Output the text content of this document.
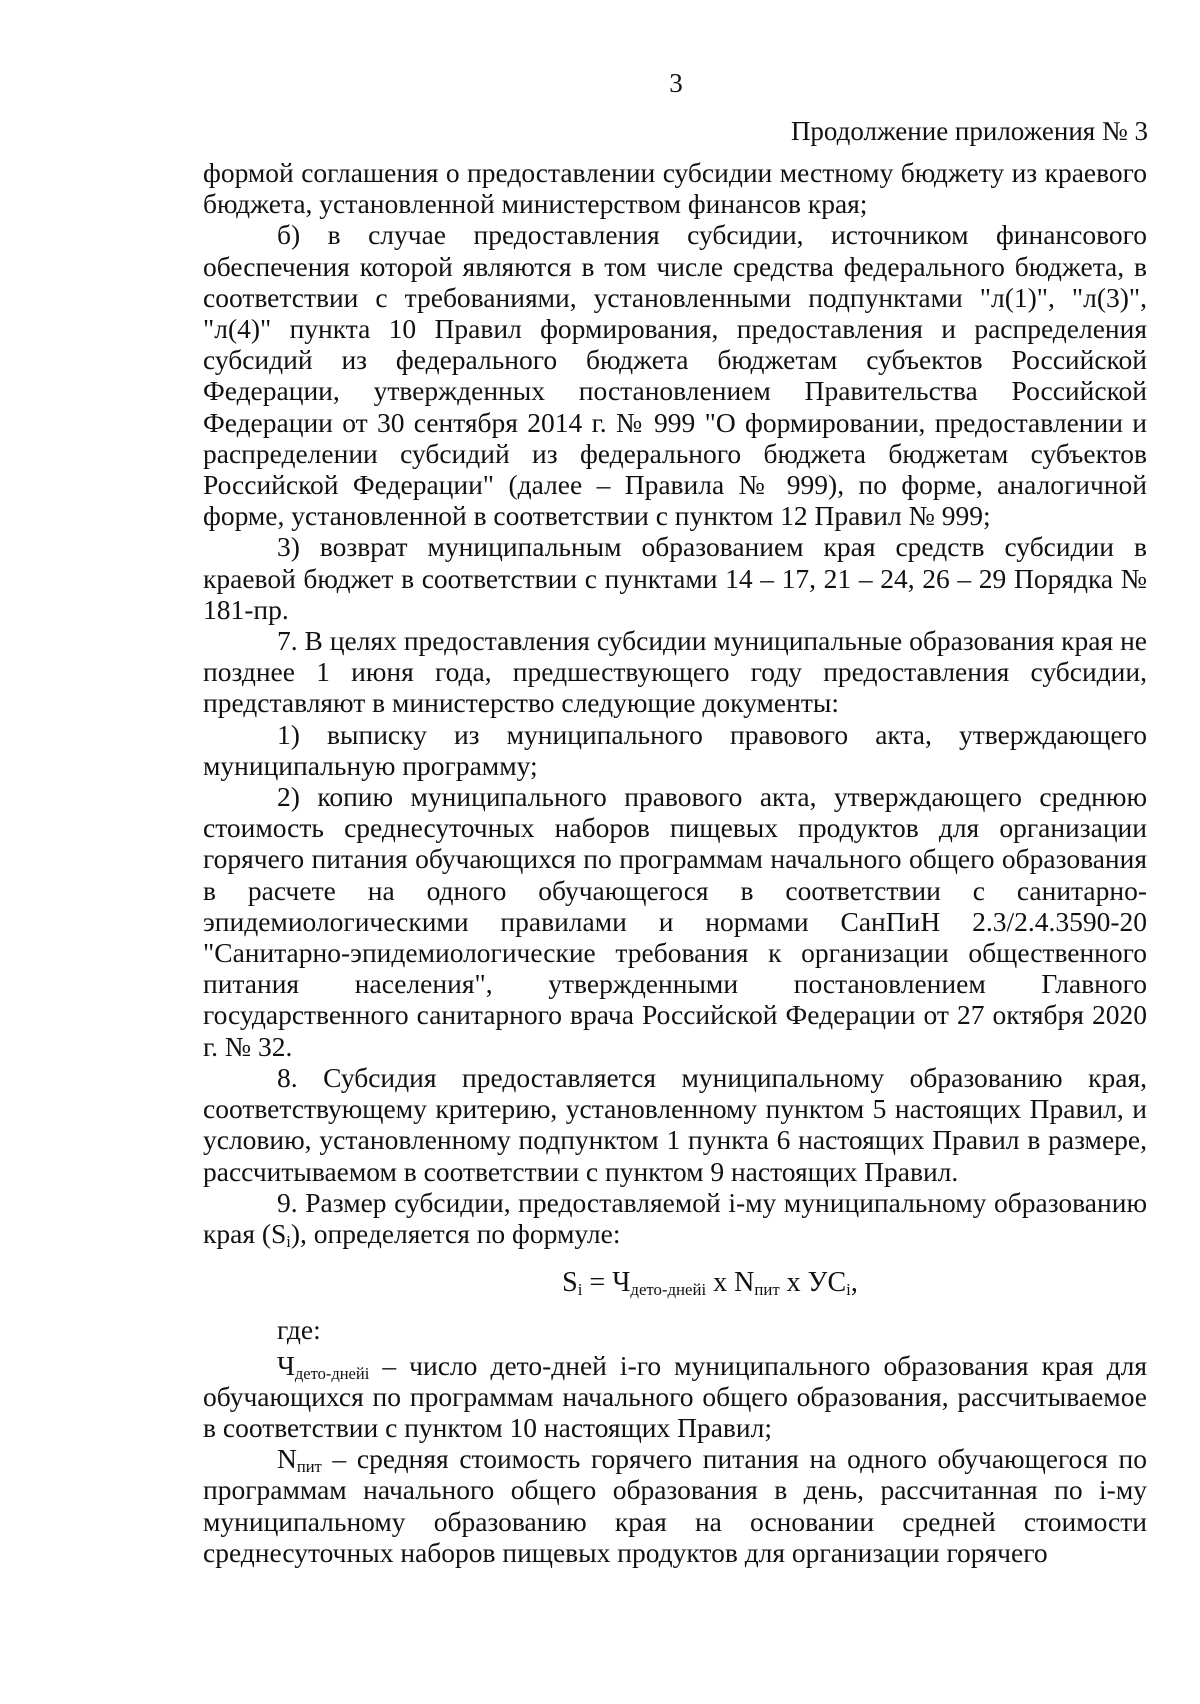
3
Продолжение приложения № 3

формой соглашения о предоставлении субсидии местному бюджету из краевого бюджета, установленной министерством финансов края;

б) в случае предоставления субсидии, источником финансового обеспечения которой являются в том числе средства федерального бюджета, в соответствии с требованиями, установленными подпунктами "л(1)", "л(3)", "л(4)" пункта 10 Правил формирования, предоставления и распределения субсидий из федерального бюджета бюджетам субъектов Российской Федерации, утвержденных постановлением Правительства Российской Федерации от 30 сентября 2014 г. № 999 "О формировании, предоставлении и распределении субсидий из федерального бюджета бюджетам субъектов Российской Федерации" (далее – Правила № 999), по форме, аналогичной форме, установленной в соответствии с пунктом 12 Правил № 999;

3) возврат муниципальным образованием края средств субсидии в краевой бюджет в соответствии с пунктами 14 – 17, 21 – 24, 26 – 29 Порядка № 181-пр.

7. В целях предоставления субсидии муниципальные образования края не позднее 1 июня года, предшествующего году предоставления субсидии, представляют в министерство следующие документы:

1) выписку из муниципального правового акта, утверждающего муниципальную программу;

2) копию муниципального правового акта, утверждающего среднюю стоимость среднесуточных наборов пищевых продуктов для организации горячего питания обучающихся по программам начального общего образования в расчете на одного обучающегося в соответствии с санитарно-эпидемиологическими правилами и нормами СанПиН 2.3/2.4.3590-20 "Санитарно-эпидемиологические требования к организации общественного питания населения", утвержденными постановлением Главного государственного санитарного врача Российской Федерации от 27 октября 2020 г. № 32.

8. Субсидия предоставляется муниципальному образованию края, соответствующему критерию, установленному пунктом 5 настоящих Правил, и условию, установленному подпунктом 1 пункта 6 настоящих Правил в размере, рассчитываемом в соответствии с пунктом 9 настоящих Правил.

9. Размер субсидии, предоставляемой i-му муниципальному образованию края $(S_i)$, определяется по формуле:

$S_i = Ч_{дето-днейi}$ x $N_{пит}$ x $УС_i$,

где:

$Ч_{дето-днейi}$ – число дето-дней i-го муниципального образования края для обучающихся по программам начального общего образования, рассчитываемое в соответствии с пунктом 10 настоящих Правил;

$N_{пит}$ – средняя стоимость горячего питания на одного обучающегося по программам начального общего образования в день, рассчитанная по i-му муниципальному образованию края на основании средней стоимости среднесуточных наборов пищевых продуктов для организации горячего
